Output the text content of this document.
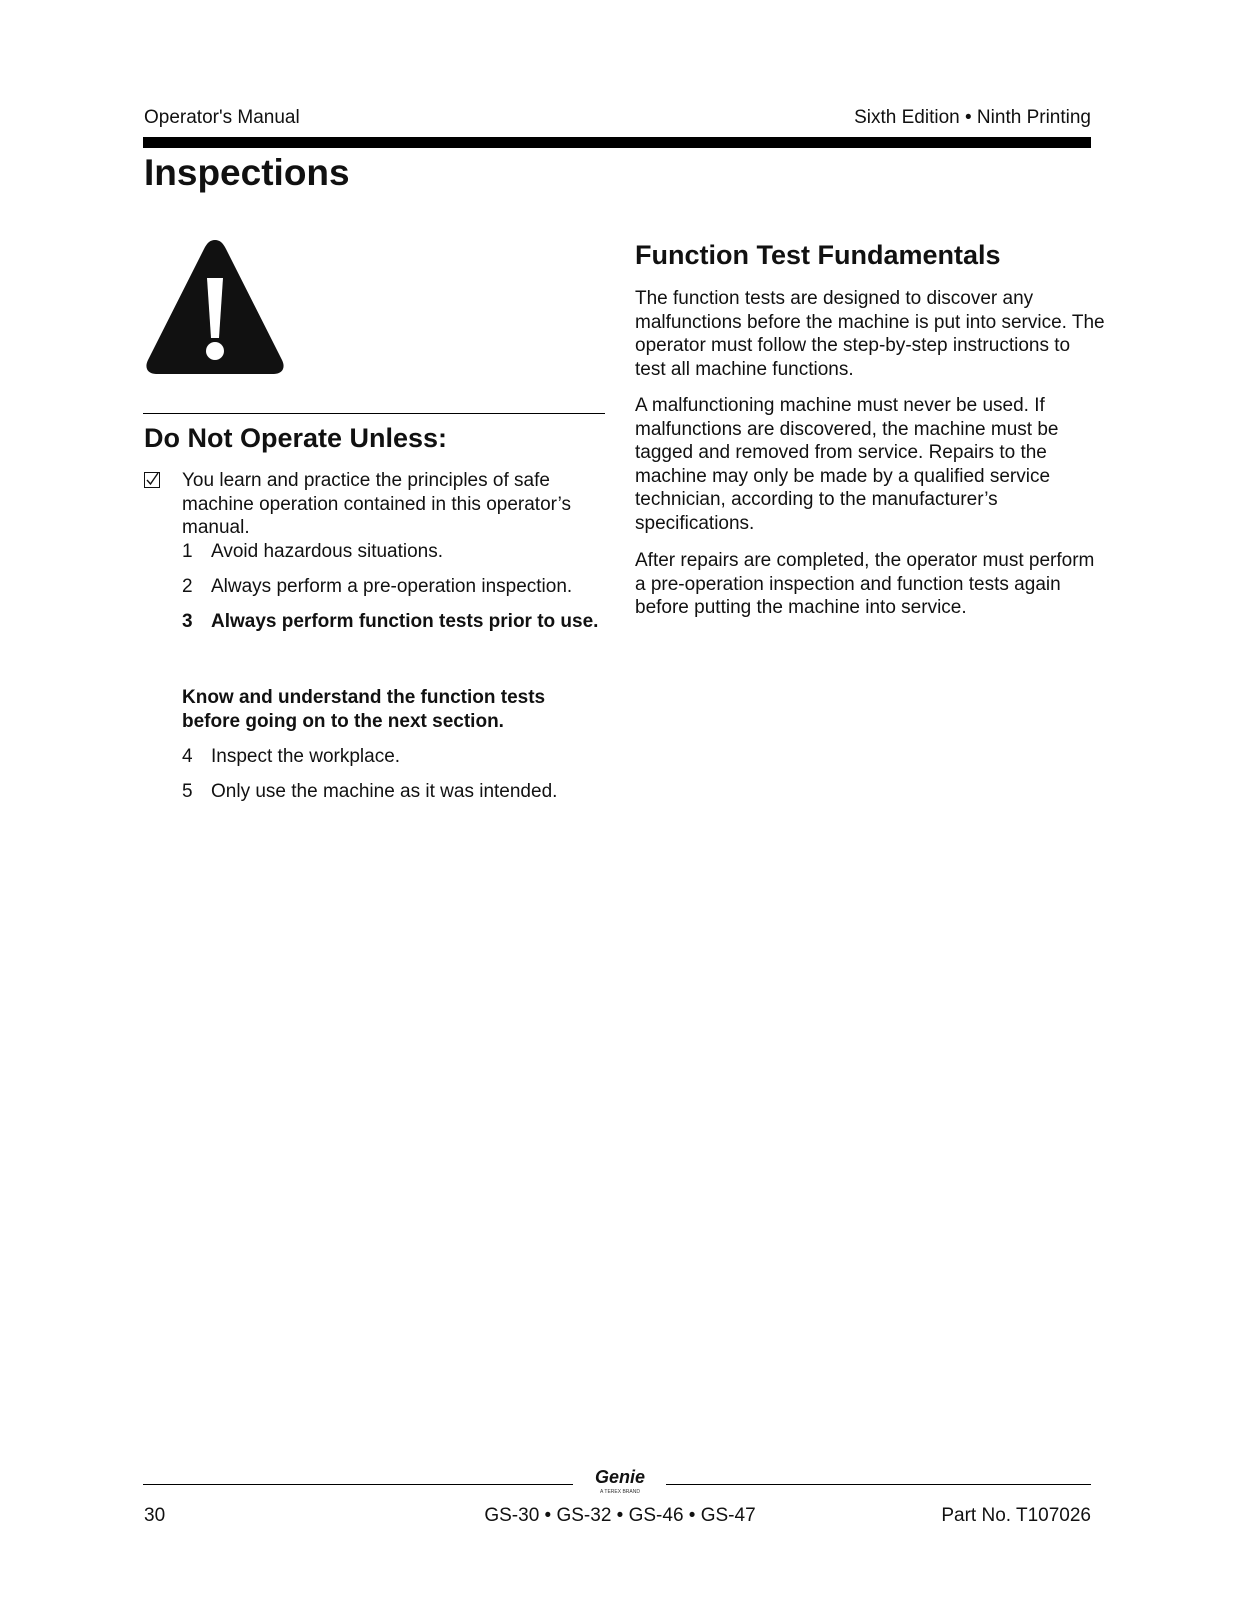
Operator's Manual	Sixth Edition • Ninth Printing
Inspections
Do Not Operate Unless:
You learn and practice the principles of safe machine operation contained in this operator’s manual.
1 Avoid hazardous situations.
2 Always perform a pre-operation inspection.
3 Always perform function tests prior to use.
Know and understand the function tests before going on to the next section.
4 Inspect the workplace.
5 Only use the machine as it was intended.
Function Test Fundamentals

The function tests are designed to discover any malfunctions before the machine is put into service. The operator must follow the step-by-step instructions to test all machine functions.

A malfunctioning machine must never be used. If malfunctions are discovered, the machine must be tagged and removed from service. Repairs to the machine may only be made by a qualified service technician, according to the manufacturer’s specifications.

After repairs are completed, the operator must perform a pre-operation inspection and function tests again before putting the machine into service.

Genie
A TEREX BRAND
30	GS-30 • GS-32 • GS-46 • GS-47	Part No. T107026
